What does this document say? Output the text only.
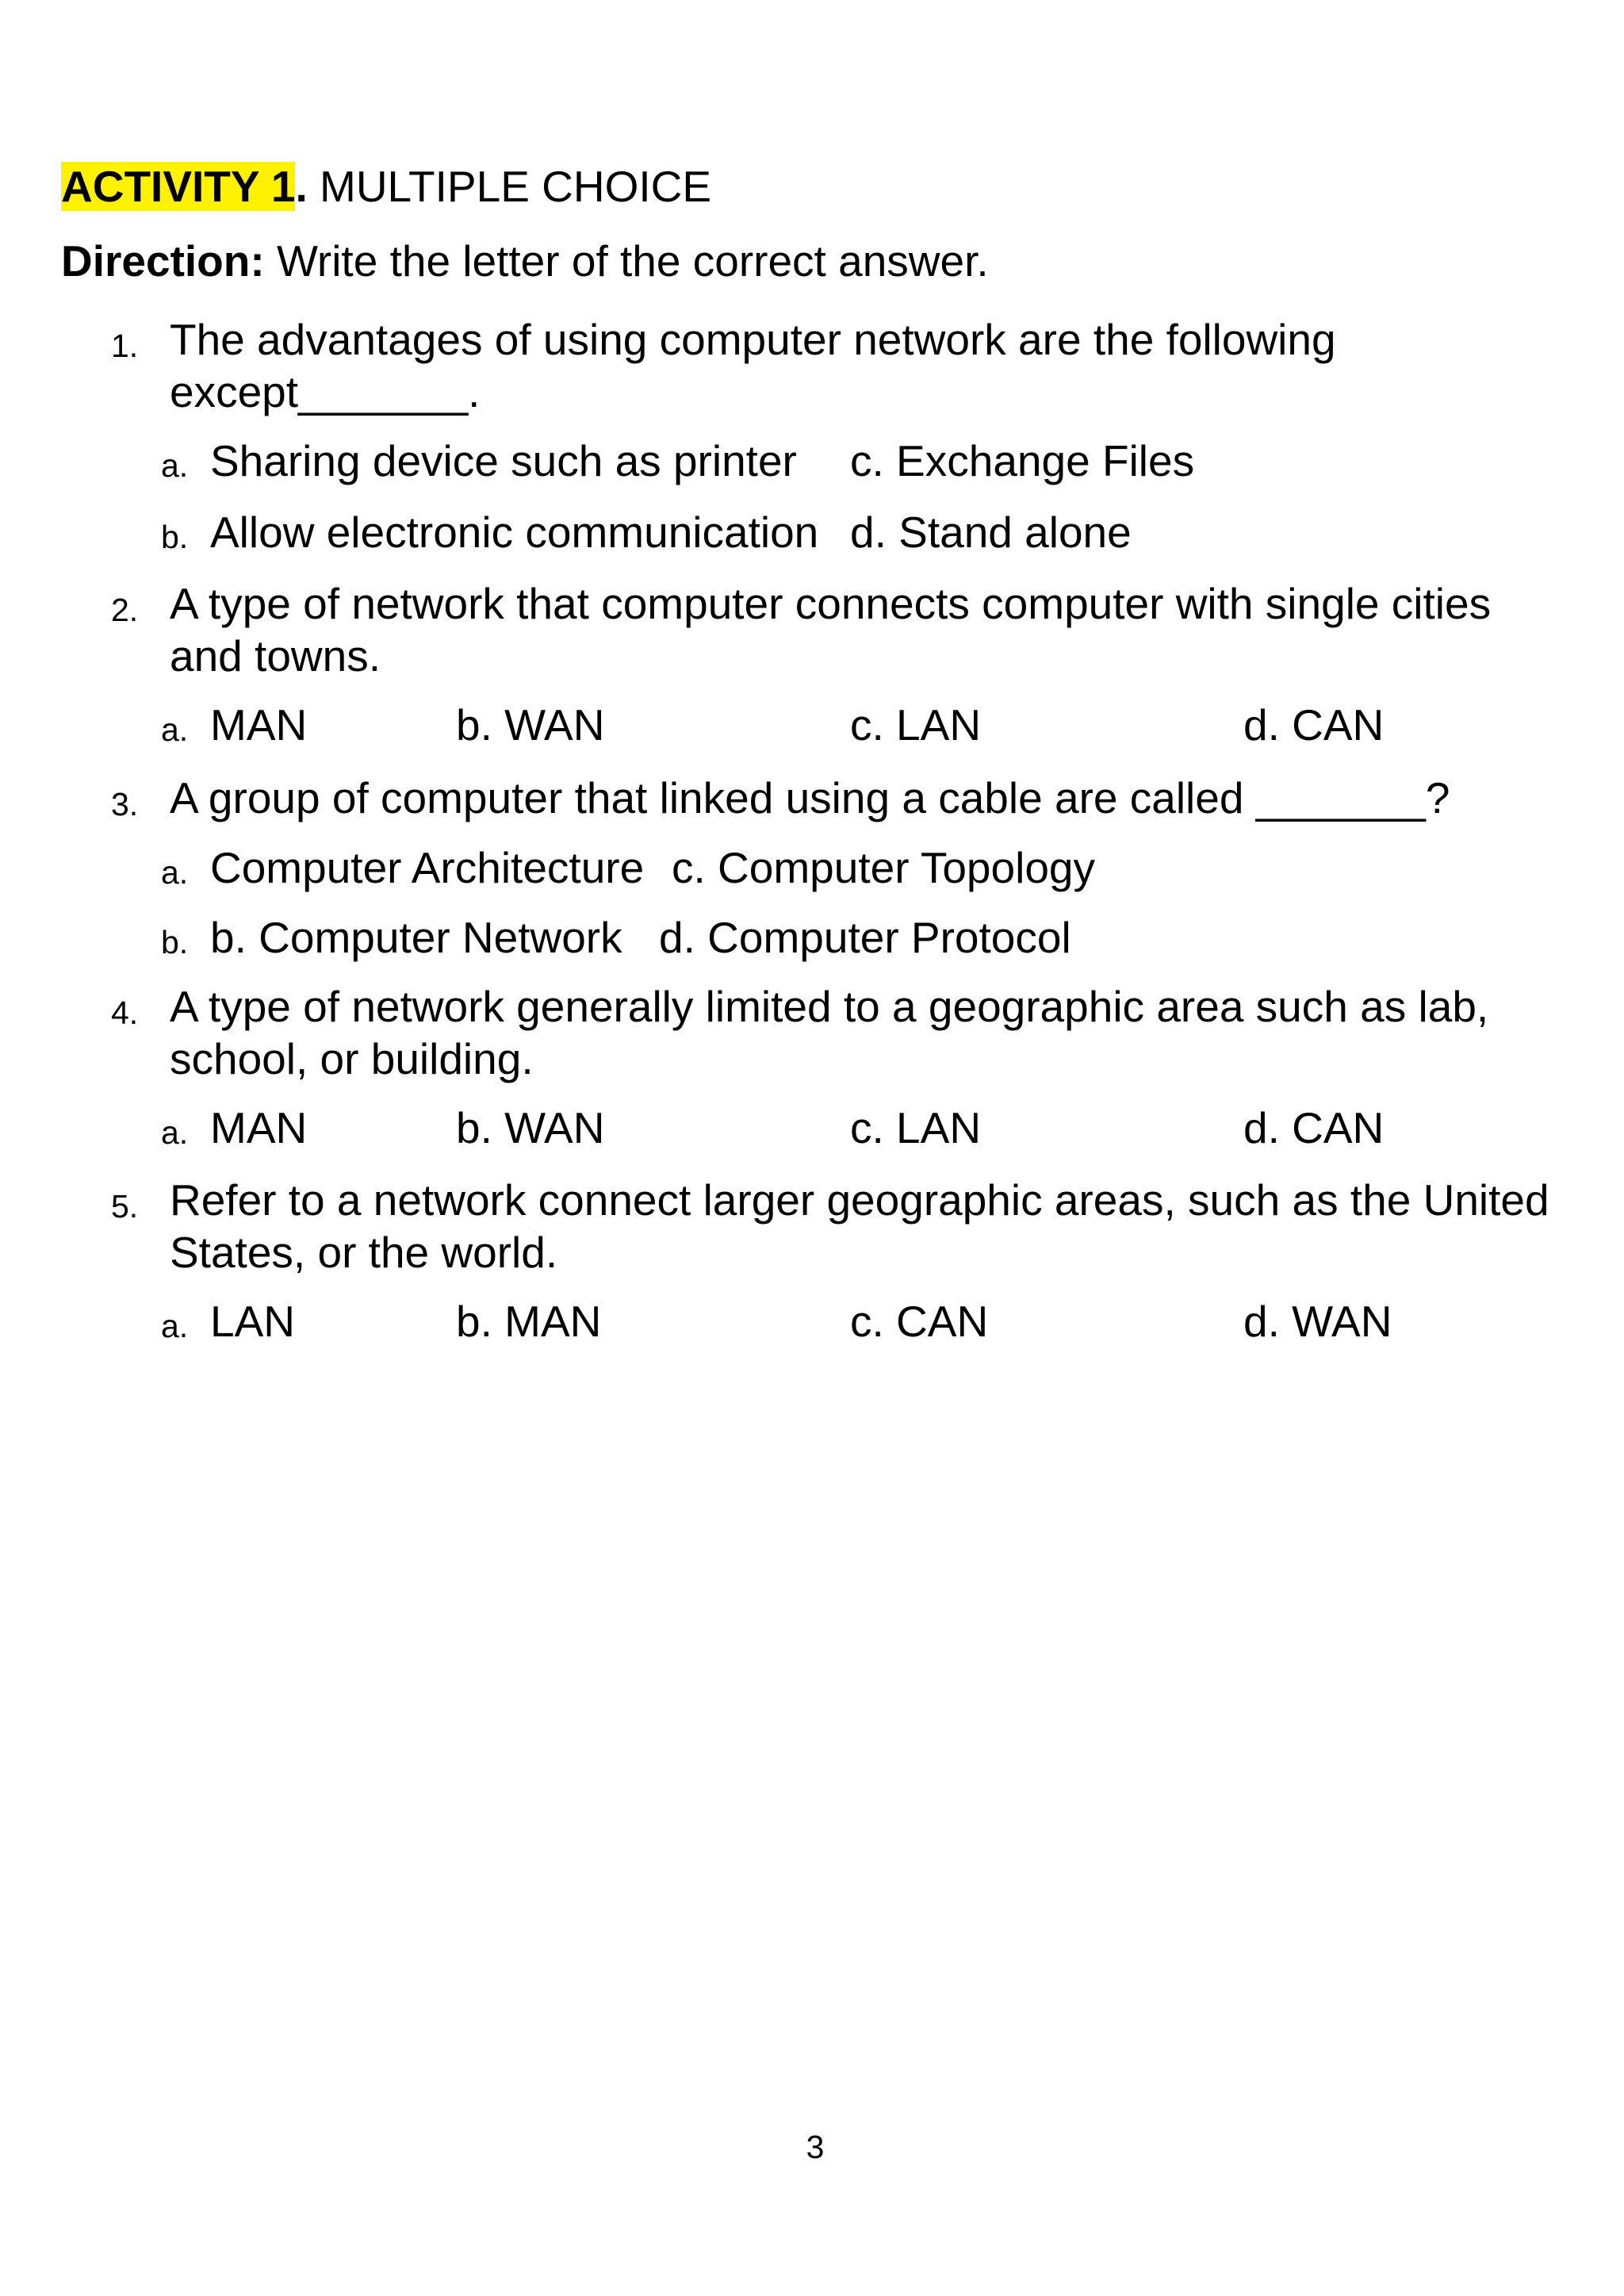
ACTIVITY 1. MULTIPLE CHOICE
Direction: Write the letter of the correct answer.
1. The advantages of using computer network are the following
except_______.
a. Sharing device such as printer c. Exchange Files
b. Allow electronic communication d. Stand alone
2. A type of network that computer connects computer with single cities
and towns.
a. MAN	b. WAN	c. LAN	d. CAN
3. A group of computer that linked using a cable are called _______?
a. Computer Architecture c. Computer Topology
b. b. Computer Network d. Computer Protocol
4. A type of network generally limited to a geographic area such as lab,
school, or building.
a. MAN	b. WAN	c. LAN	d. CAN
5. Refer to a network connect larger geographic areas, such as the United
States, or the world.
a. LAN	b. MAN	c. CAN	d. WAN
3
